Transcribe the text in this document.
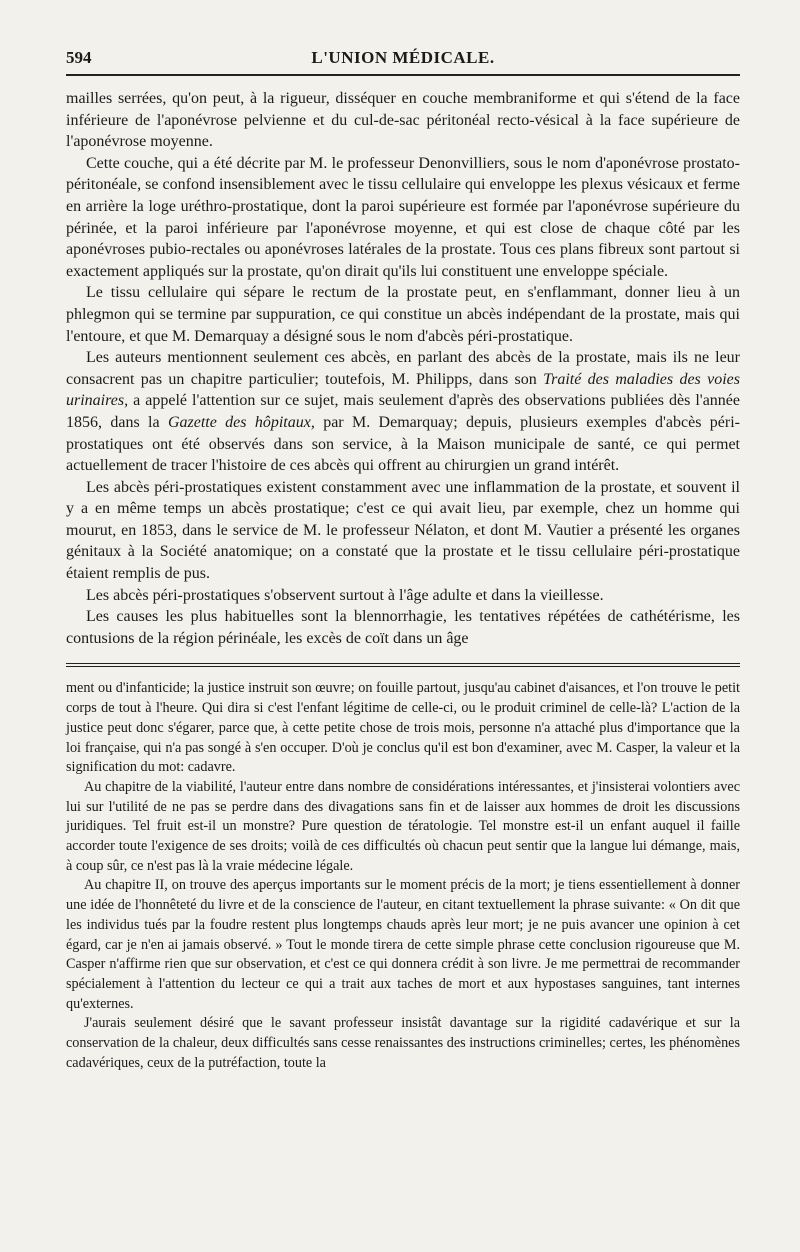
594	L'UNION MÉDICALE.

mailles serrées, qu'on peut, à la rigueur, disséquer en couche membraniforme et qui s'étend de la face inférieure de l'aponévrose pelvienne et du cul-de-sac péritonéal recto-vésical à la face supérieure de l'aponévrose moyenne.

Cette couche, qui a été décrite par M. le professeur Denonvilliers, sous le nom d'aponévrose prostato-péritonéale, se confond insensiblement avec le tissu cellulaire qui enveloppe les plexus vésicaux et ferme en arrière la loge uréthro-prostatique, dont la paroi supérieure est formée par l'aponévrose supérieure du périnée, et la paroi inférieure par l'aponévrose moyenne, et qui est close de chaque côté par les aponévroses pubio-rectales ou aponévroses latérales de la prostate. Tous ces plans fibreux sont partout si exactement appliqués sur la prostate, qu'on dirait qu'ils lui constituent une enveloppe spéciale.

Le tissu cellulaire qui sépare le rectum de la prostate peut, en s'enflammant, donner lieu à un phlegmon qui se termine par suppuration, ce qui constitue un abcès indépendant de la prostate, mais qui l'entoure, et que M. Demarquay a désigné sous le nom d'abcès péri-prostatique.

Les auteurs mentionnent seulement ces abcès, en parlant des abcès de la prostate, mais ils ne leur consacrent pas un chapitre particulier; toutefois, M. Philipps, dans son Traité des maladies des voies urinaires, a appelé l'attention sur ce sujet, mais seulement d'après des observations publiées dès l'année 1856, dans la Gazette des hôpitaux, par M. Demarquay; depuis, plusieurs exemples d'abcès péri-prostatiques ont été observés dans son service, à la Maison municipale de santé, ce qui permet actuellement de tracer l'histoire de ces abcès qui offrent au chirurgien un grand intérêt.

Les abcès péri-prostatiques existent constamment avec une inflammation de la prostate, et souvent il y a en même temps un abcès prostatique; c'est ce qui avait lieu, par exemple, chez un homme qui mourut, en 1853, dans le service de M. le professeur Nélaton, et dont M. Vautier a présenté les organes génitaux à la Société anatomique; on a constaté que la prostate et le tissu cellulaire péri-prostatique étaient remplis de pus.

Les abcès péri-prostatiques s'observent surtout à l'âge adulte et dans la vieillesse.

Les causes les plus habituelles sont la blennorrhagie, les tentatives répétées de cathétérisme, les contusions de la région périnéale, les excès de coït dans un âge

ment ou d'infanticide; la justice instruit son œuvre; on fouille partout, jusqu'au cabinet d'aisances, et l'on trouve le petit corps de tout à l'heure. Qui dira si c'est l'enfant légitime de celle-ci, ou le produit criminel de celle-là? L'action de la justice peut donc s'égarer, parce que, à cette petite chose de trois mois, personne n'a attaché plus d'importance que la loi française, qui n'a pas songé à s'en occuper. D'où je conclus qu'il est bon d'examiner, avec M. Casper, la valeur et la signification du mot: cadavre.

Au chapitre de la viabilité, l'auteur entre dans nombre de considérations intéressantes, et j'insisterai volontiers avec lui sur l'utilité de ne pas se perdre dans des divagations sans fin et de laisser aux hommes de droit les discussions juridiques. Tel fruit est-il un monstre? Pure question de tératologie. Tel monstre est-il un enfant auquel il faille accorder toute l'exigence de ses droits; voilà de ces difficultés où chacun peut sentir que la langue lui démange, mais, à coup sûr, ce n'est pas là la vraie médecine légale.

Au chapitre II, on trouve des aperçus importants sur le moment précis de la mort; je tiens essentiellement à donner une idée de l'honnêteté du livre et de la conscience de l'auteur, en citant textuellement la phrase suivante: « On dit que les individus tués par la foudre restent plus longtemps chauds après leur mort; je ne puis avancer une opinion à cet égard, car je n'en ai jamais observé. » Tout le monde tirera de cette simple phrase cette conclusion rigoureuse que M. Casper n'affirme rien que sur observation, et c'est ce qui donnera crédit à son livre. Je me permettrai de recommander spécialement à l'attention du lecteur ce qui a trait aux taches de mort et aux hypostases sanguines, tant internes qu'externes.

J'aurais seulement désiré que le savant professeur insistât davantage sur la rigidité cadavérique et sur la conservation de la chaleur, deux difficultés sans cesse renaissantes des instructions criminelles; certes, les phénomènes cadavériques, ceux de la putréfaction, toute la
